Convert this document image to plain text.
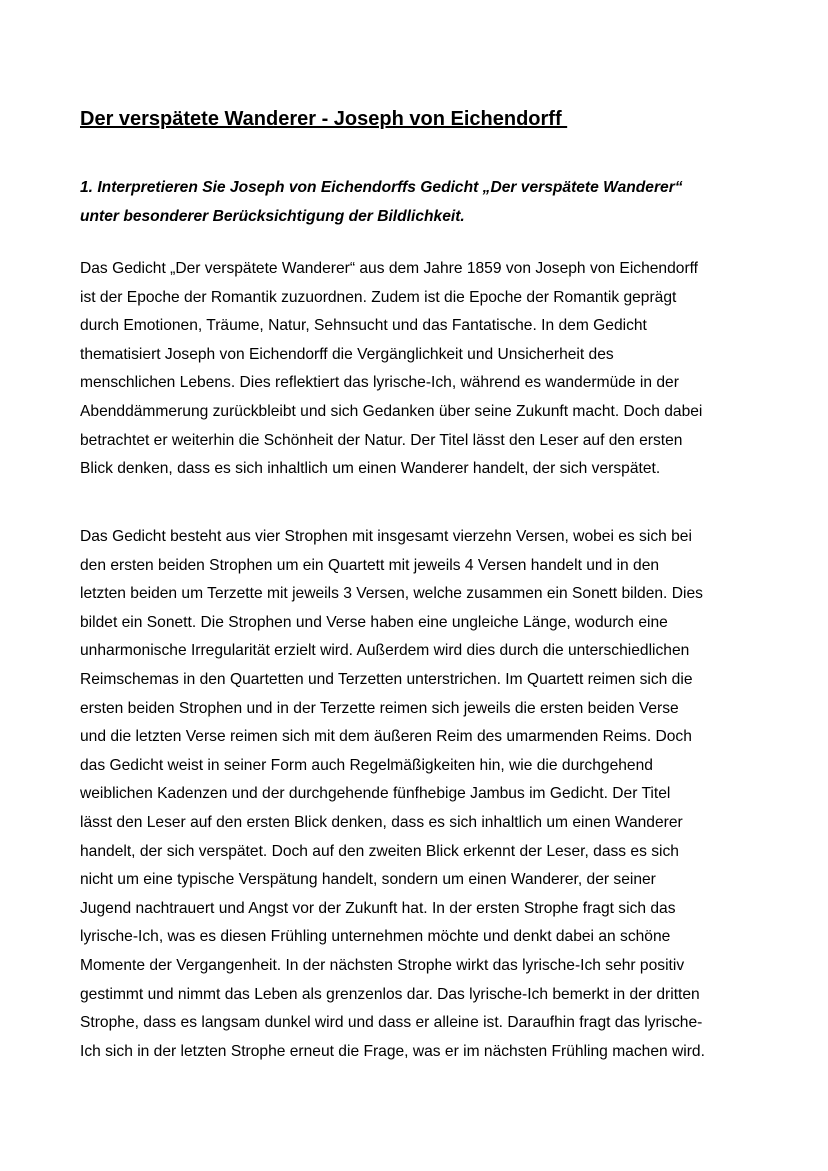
Der verspätete Wanderer - Joseph von Eichendorff

1. Interpretieren Sie Joseph von Eichendorffs Gedicht „Der verspätete Wanderer“
unter besonderer Berücksichtigung der Bildlichkeit.

Das Gedicht „Der verspätete Wanderer“ aus dem Jahre 1859 von Joseph von Eichendorff
ist der Epoche der Romantik zuzuordnen. Zudem ist die Epoche der Romantik geprägt
durch Emotionen, Träume, Natur, Sehnsucht und das Fantatische. In dem Gedicht
thematisiert Joseph von Eichendorff die Vergänglichkeit und Unsicherheit des
menschlichen Lebens. Dies reflektiert das lyrische-Ich, während es wandermüde in der
Abenddämmerung zurückbleibt und sich Gedanken über seine Zukunft macht. Doch dabei
betrachtet er weiterhin die Schönheit der Natur. Der Titel lässt den Leser auf den ersten
Blick denken, dass es sich inhaltlich um einen Wanderer handelt, der sich verspätet.

Das Gedicht besteht aus vier Strophen mit insgesamt vierzehn Versen, wobei es sich bei
den ersten beiden Strophen um ein Quartett mit jeweils 4 Versen handelt und in den
letzten beiden um Terzette mit jeweils 3 Versen, welche zusammen ein Sonett bilden. Dies
bildet ein Sonett. Die Strophen und Verse haben eine ungleiche Länge, wodurch eine
unharmonische Irregularität erzielt wird. Außerdem wird dies durch die unterschiedlichen
Reimschemas in den Quartetten und Terzetten unterstrichen. Im Quartett reimen sich die
ersten beiden Strophen und in der Terzette reimen sich jeweils die ersten beiden Verse
und die letzten Verse reimen sich mit dem äußeren Reim des umarmenden Reims. Doch
das Gedicht weist in seiner Form auch Regelmäßigkeiten hin, wie die durchgehend
weiblichen Kadenzen und der durchgehende fünfhebige Jambus im Gedicht. Der Titel
lässt den Leser auf den ersten Blick denken, dass es sich inhaltlich um einen Wanderer
handelt, der sich verspätet. Doch auf den zweiten Blick erkennt der Leser, dass es sich
nicht um eine typische Verspätung handelt, sondern um einen Wanderer, der seiner
Jugend nachtrauert und Angst vor der Zukunft hat. In der ersten Strophe fragt sich das
lyrische-Ich, was es diesen Frühling unternehmen möchte und denkt dabei an schöne
Momente der Vergangenheit. In der nächsten Strophe wirkt das lyrische-Ich sehr positiv
gestimmt und nimmt das Leben als grenzenlos dar. Das lyrische-Ich bemerkt in der dritten
Strophe, dass es langsam dunkel wird und dass er alleine ist. Daraufhin fragt das lyrische-
Ich sich in der letzten Strophe erneut die Frage, was er im nächsten Frühling machen wird.
